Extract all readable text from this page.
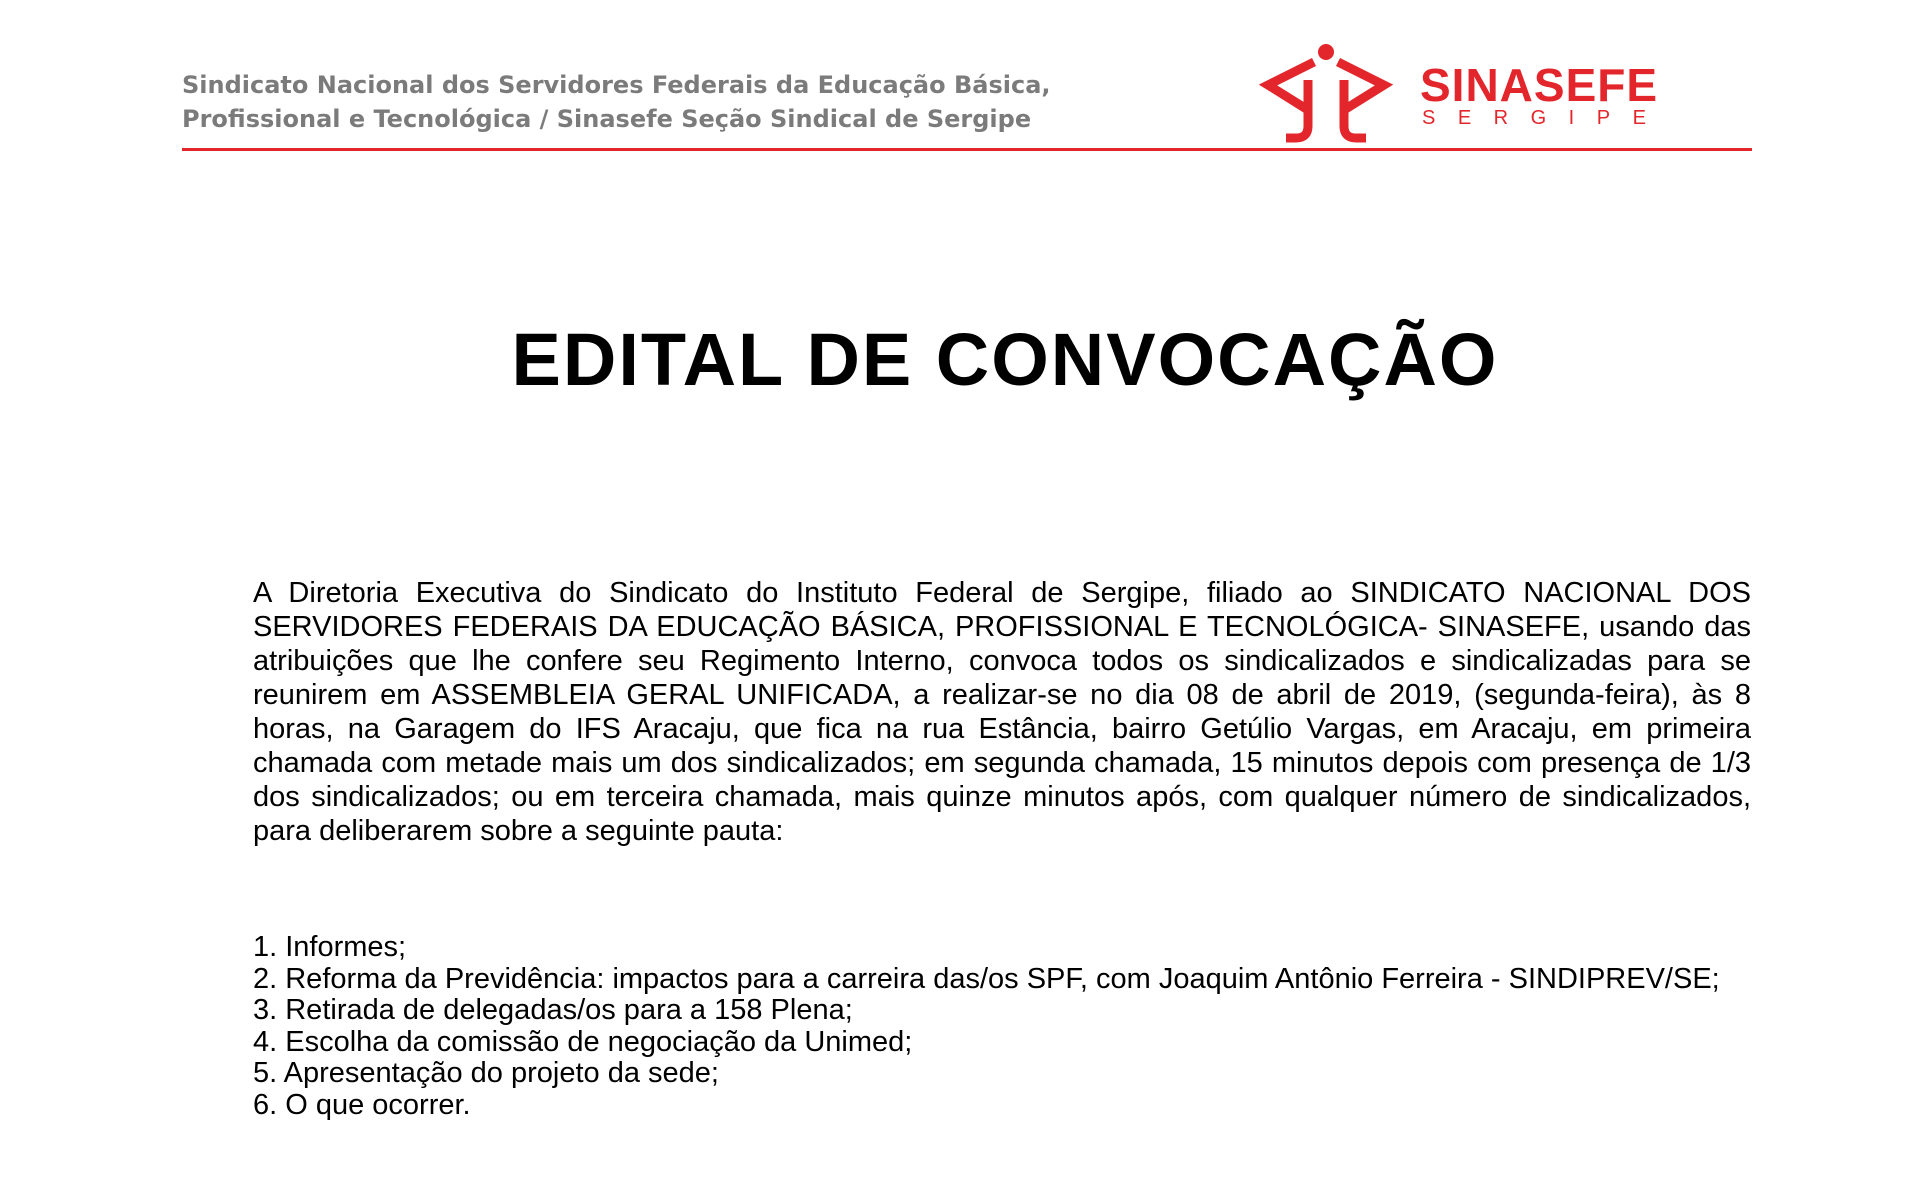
Sindicato Nacional dos Servidores Federais da Educação Básica,
Profissional e Tecnológica / Sinasefe Seção Sindical de Sergipe
SINASEFE
SERGIPE
EDITAL DE CONVOCAÇÃO

A Diretoria Executiva do Sindicato do Instituto Federal de Sergipe, filiado ao SINDICATO NACIONAL DOS SERVIDORES FEDERAIS DA EDUCAÇÃO BÁSICA, PROFISSIONAL E TECNOLÓGICA- SINASEFE, usando das atribuições que lhe confere seu Regimento Interno, convoca todos os sindicalizados e sindicalizadas para se reunirem em ASSEMBLEIA GERAL UNIFICADA, a realizar-se no dia 08 de abril de 2019, (segunda-feira), às 8 horas, na Garagem do IFS Aracaju, que fica na rua Estância, bairro Getúlio Vargas, em Aracaju, em primeira chamada com metade mais um dos sindicalizados; em segunda chamada, 15 minutos depois com presença de 1/3 dos sindicalizados; ou em terceira chamada, mais quinze minutos após, com qualquer número de sindicalizados, para deliberarem sobre a seguinte pauta:

1. Informes;
2. Reforma da Previdência: impactos para a carreira das/os SPF, com Joaquim Antônio Ferreira - SINDIPREV/SE;
3. Retirada de delegadas/os para a 158 Plena;
4. Escolha da comissão de negociação da Unimed;
5. Apresentação do projeto da sede;
6. O que ocorrer.
